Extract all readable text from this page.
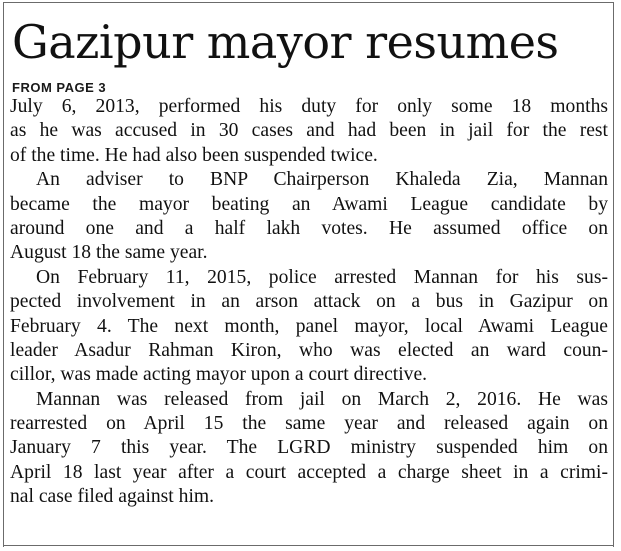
Gazipur mayor resumes
FROM PAGE 3
July 6, 2013, performed his duty for only some 18 months
as he was accused in 30 cases and had been in jail for the rest
of the time. He had also been suspended twice.
An adviser to BNP Chairperson Khaleda Zia, Mannan
became the mayor beating an Awami League candidate by
around one and a half lakh votes. He assumed office on
August 18 the same year.
On February 11, 2015, police arrested Mannan for his sus-
pected involvement in an arson attack on a bus in Gazipur on
February 4. The next month, panel mayor, local Awami League
leader Asadur Rahman Kiron, who was elected an ward coun-
cillor, was made acting mayor upon a court directive.
Mannan was released from jail on March 2, 2016. He was
rearrested on April 15 the same year and released again on
January 7 this year. The LGRD ministry suspended him on
April 18 last year after a court accepted a charge sheet in a crimi-
nal case filed against him.
